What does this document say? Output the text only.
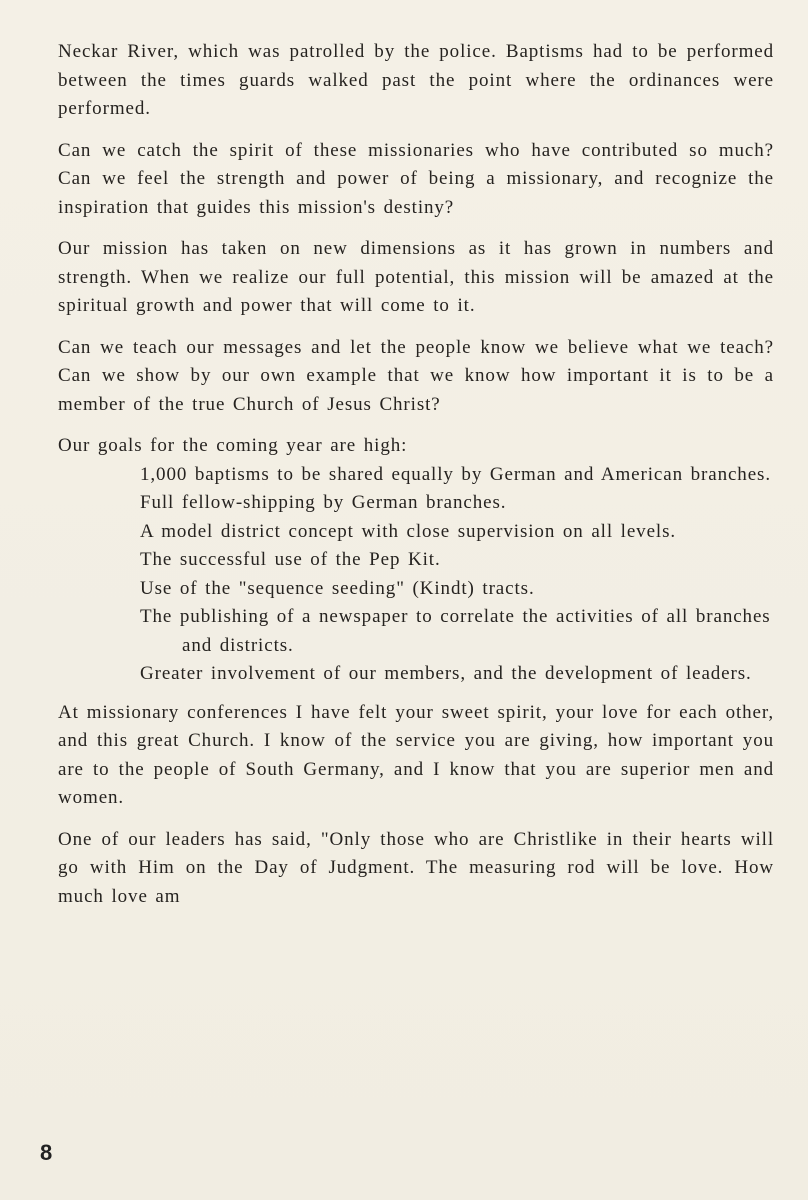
Neckar River, which was patrolled by the police. Baptisms had to be performed between the times guards walked past the point where the ordinances were performed.

Can we catch the spirit of these missionaries who have contributed so much? Can we feel the strength and power of being a missionary, and recognize the inspiration that guides this mission's destiny?

Our mission has taken on new dimensions as it has grown in numbers and strength. When we realize our full potential, this mission will be amazed at the spiritual growth and power that will come to it.

Can we teach our messages and let the people know we believe what we teach? Can we show by our own example that we know how important it is to be a member of the true Church of Jesus Christ?

Our goals for the coming year are high:

1,000 baptisms to be shared equally by German and American branches.
Full fellow-shipping by German branches.
A model district concept with close supervision on all levels.
The successful use of the Pep Kit.
Use of the "sequence seeding" (Kindt) tracts.
The publishing of a newspaper to correlate the activities of all branches and districts.
Greater involvement of our members, and the development of leaders.

At missionary conferences I have felt your sweet spirit, your love for each other, and this great Church. I know of the service you are giving, how important you are to the people of South Germany, and I know that you are superior men and women.

One of our leaders has said, "Only those who are Christlike in their hearts will go with Him on the Day of Judgment. The measuring rod will be love. How much love am

8
